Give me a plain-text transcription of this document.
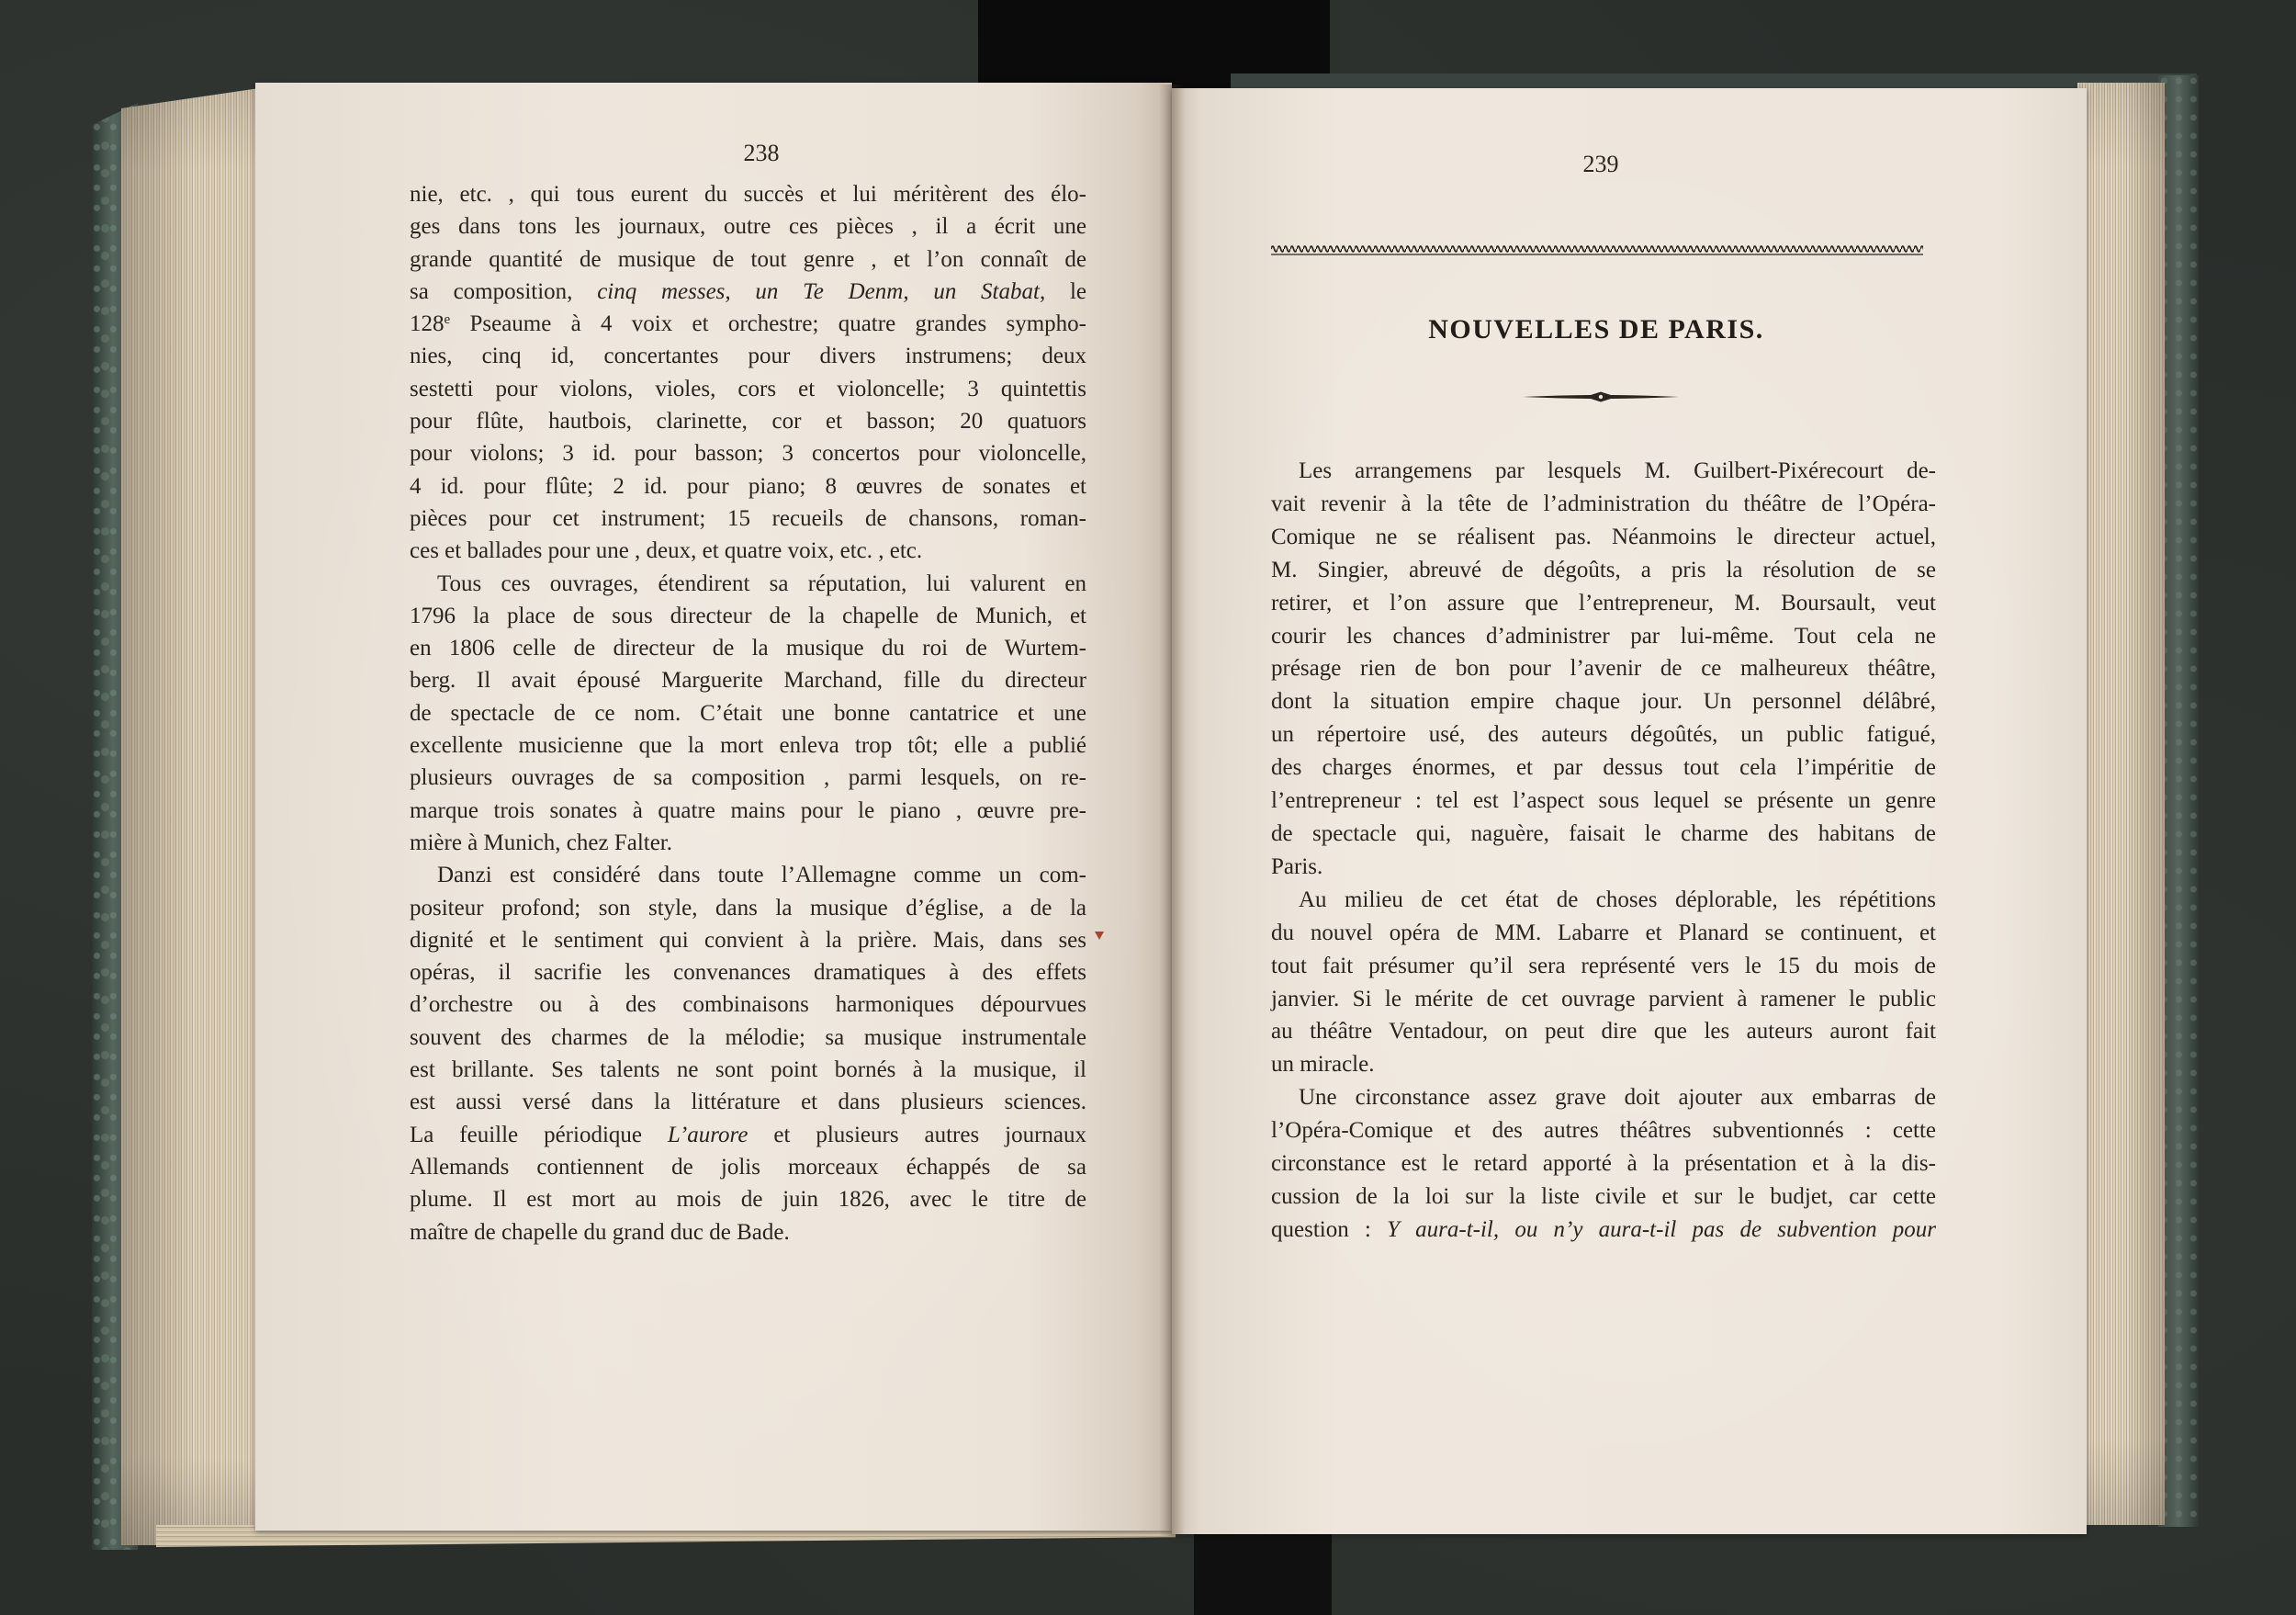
238
nie, etc. , qui tous eurent du succès et lui méritèrent des élo-
ges dans tons les journaux, outre ces pièces , il a écrit une
grande quantité de musique de tout genre , et l’on connaît de
sa composition, cinq messes, un Te Denm, un Stabat, le
128e Pseaume à 4 voix et orchestre; quatre grandes sympho-
nies, cinq id, concertantes pour divers instrumens; deux
sestetti pour violons, violes, cors et violoncelle; 3 quintettis
pour flûte, hautbois, clarinette, cor et basson; 20 quatuors
pour violons; 3 id. pour basson; 3 concertos pour violoncelle,
4 id. pour flûte; 2 id. pour piano; 8 œuvres de sonates et
pièces pour cet instrument; 15 recueils de chansons, roman-
ces et ballades pour une , deux, et quatre voix, etc. , etc.
Tous ces ouvrages, étendirent sa réputation, lui valurent en
1796 la place de sous directeur de la chapelle de Munich, et
en 1806 celle de directeur de la musique du roi de Wurtem-
berg. Il avait épousé Marguerite Marchand, fille du directeur
de spectacle de ce nom. C’était une bonne cantatrice et une
excellente musicienne que la mort enleva trop tôt; elle a publié
plusieurs ouvrages de sa composition , parmi lesquels, on re-
marque trois sonates à quatre mains pour le piano , œuvre pre-
mière à Munich, chez Falter.
Danzi est considéré dans toute l’Allemagne comme un com-
positeur profond; son style, dans la musique d’église, a de la
dignité et le sentiment qui convient à la prière. Mais, dans ses
opéras, il sacrifie les convenances dramatiques à des effets
d’orchestre ou à des combinaisons harmoniques dépourvues
souvent des charmes de la mélodie; sa musique instrumentale
est brillante. Ses talents ne sont point bornés à la musique, il
est aussi versé dans la littérature et dans plusieurs sciences.
La feuille périodique L’aurore et plusieurs autres journaux
Allemands contiennent de jolis morceaux échappés de sa
plume. Il est mort au mois de juin 1826, avec le titre de
maître de chapelle du grand duc de Bade.
239
NOUVELLES DE PARIS.
Les arrangemens par lesquels M. Guilbert-Pixérecourt de-
vait revenir à la tête de l’administration du théâtre de l’Opéra-
Comique ne se réalisent pas. Néanmoins le directeur actuel,
M. Singier, abreuvé de dégoûts, a pris la résolution de se
retirer, et l’on assure que l’entrepreneur, M. Boursault, veut
courir les chances d’administrer par lui-même. Tout cela ne
présage rien de bon pour l’avenir de ce malheureux théâtre,
dont la situation empire chaque jour. Un personnel délâbré,
un répertoire usé, des auteurs dégoûtés, un public fatigué,
des charges énormes, et par dessus tout cela l’impéritie de
l’entrepreneur : tel est l’aspect sous lequel se présente un genre
de spectacle qui, naguère, faisait le charme des habitans de
Paris.
Au milieu de cet état de choses déplorable, les répétitions
du nouvel opéra de MM. Labarre et Planard se continuent, et
tout fait présumer qu’il sera représenté vers le 15 du mois de
janvier. Si le mérite de cet ouvrage parvient à ramener le public
au théâtre Ventadour, on peut dire que les auteurs auront fait
un miracle.
Une circonstance assez grave doit ajouter aux embarras de
l’Opéra-Comique et des autres théâtres subventionnés : cette
circonstance est le retard apporté à la présentation et à la dis-
cussion de la loi sur la liste civile et sur le budjet, car cette
question : Y aura-t-il, ou n’y aura-t-il pas de subvention pour
